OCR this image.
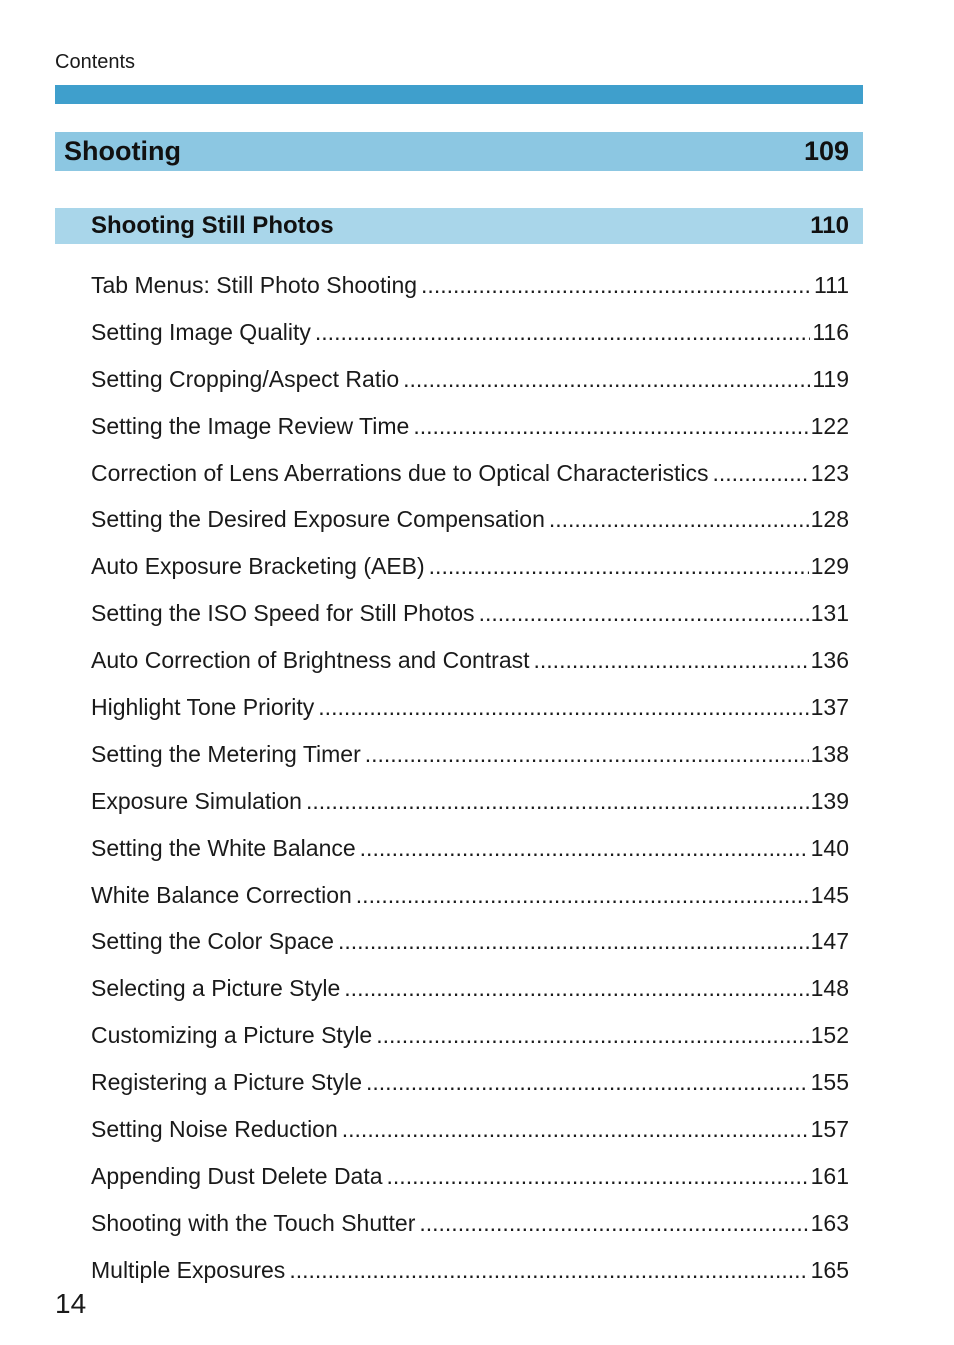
Contents
Shooting	109
Shooting Still Photos	110
Tab Menus: Still Photo Shooting .....	111
Setting Image Quality .....	116
Setting Cropping/Aspect Ratio .....	119
Setting the Image Review Time .....	122
Correction of Lens Aberrations due to Optical Characteristics .....	123
Setting the Desired Exposure Compensation .....	128
Auto Exposure Bracketing (AEB) .....	129
Setting the ISO Speed for Still Photos .....	131
Auto Correction of Brightness and Contrast .....	136
Highlight Tone Priority .....	137
Setting the Metering Timer .....	138
Exposure Simulation .....	139
Setting the White Balance .....	140
White Balance Correction .....	145
Setting the Color Space .....	147
Selecting a Picture Style .....	148
Customizing a Picture Style .....	152
Registering a Picture Style .....	155
Setting Noise Reduction .....	157
Appending Dust Delete Data .....	161
Shooting with the Touch Shutter .....	163
Multiple Exposures .....	165
14
